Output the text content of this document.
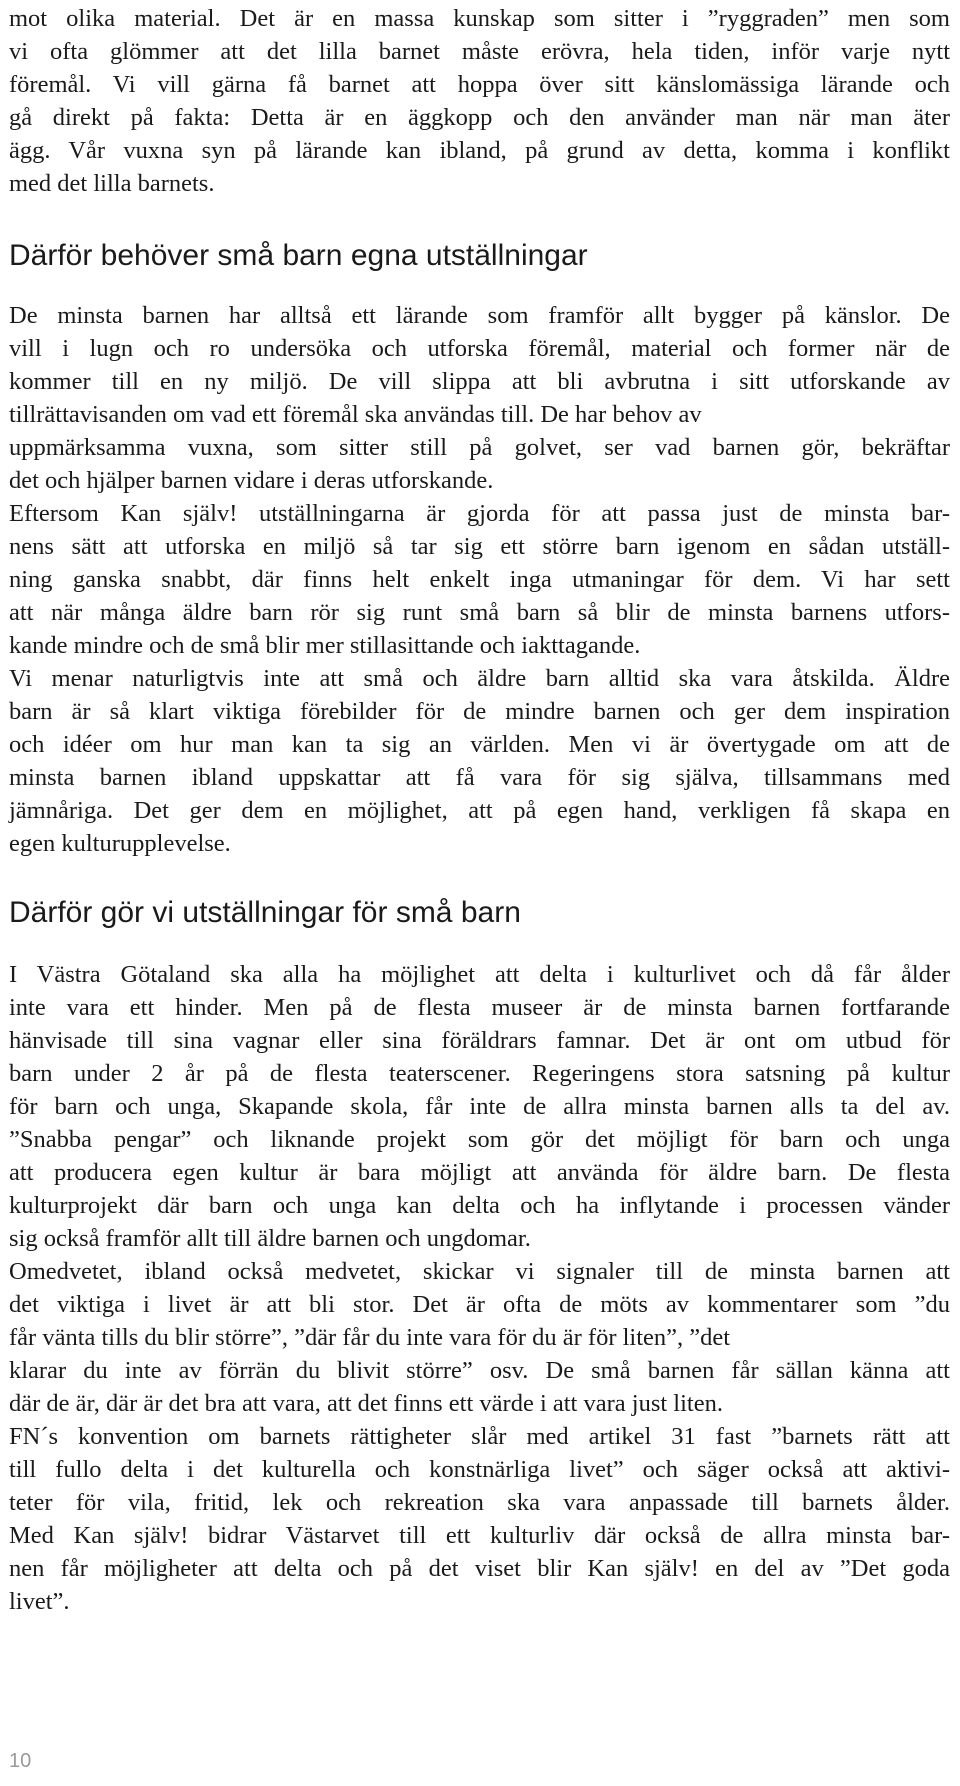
mot olika material. Det är en massa kunskap som sitter i ”ryggraden” men som
vi ofta glömmer att det lilla barnet måste erövra, hela tiden, inför varje nytt
föremål. Vi vill gärna få barnet att hoppa över sitt känslomässiga lärande och
gå direkt på fakta: Detta är en äggkopp och den använder man när man äter
ägg. Vår vuxna syn på lärande kan ibland, på grund av detta, komma i konflikt
med det lilla barnets.
Därför behöver små barn egna utställningar
De minsta barnen har alltså ett lärande som framför allt bygger på känslor. De
vill i lugn och ro undersöka och utforska föremål, material och former när de
kommer till en ny miljö. De vill slippa att bli avbrutna i sitt utforskande av
tillrättavisanden om vad ett föremål ska användas till. De har behov av
uppmärksamma vuxna, som sitter still på golvet, ser vad barnen gör, bekräftar
det och hjälper barnen vidare i deras utforskande.
Eftersom Kan själv! utställningarna är gjorda för att passa just de minsta bar-
nens sätt att utforska en miljö så tar sig ett större barn igenom en sådan utställ-
ning ganska snabbt, där finns helt enkelt inga utmaningar för dem. Vi har sett
att när många äldre barn rör sig runt små barn så blir de minsta barnens utfors-
kande mindre och de små blir mer stillasittande och iakttagande.
Vi menar naturligtvis inte att små och äldre barn alltid ska vara åtskilda. Äldre
barn är så klart viktiga förebilder för de mindre barnen och ger dem inspiration
och idéer om hur man kan ta sig an världen. Men vi är övertygade om att de
minsta barnen ibland uppskattar att få vara för sig själva, tillsammans med
jämnåriga. Det ger dem en möjlighet, att på egen hand, verkligen få skapa en
egen kulturupplevelse.
Därför gör vi utställningar för små barn
I Västra Götaland ska alla ha möjlighet att delta i kulturlivet och då får ålder
inte vara ett hinder. Men på de flesta museer är de minsta barnen fortfarande
hänvisade till sina vagnar eller sina föräldrars famnar. Det är ont om utbud för
barn under 2 år på de flesta teaterscener. Regeringens stora satsning på kultur
för barn och unga, Skapande skola, får inte de allra minsta barnen alls ta del av.
”Snabba pengar” och liknande projekt som gör det möjligt för barn och unga
att producera egen kultur är bara möjligt att använda för äldre barn. De flesta
kulturprojekt där barn och unga kan delta och ha inflytande i processen vänder
sig också framför allt till äldre barnen och ungdomar.
Omedvetet, ibland också medvetet, skickar vi signaler till de minsta barnen att
det viktiga i livet är att bli stor. Det är ofta de möts av kommentarer som ”du
får vänta tills du blir större”, ”där får du inte vara för du är för liten”, ”det
klarar du inte av förrän du blivit större” osv. De små barnen får sällan känna att
där de är, där är det bra att vara, att det finns ett värde i att vara just liten.
FN´s konvention om barnets rättigheter slår med artikel 31 fast ”barnets rätt att
till fullo delta i det kulturella och konstnärliga livet” och säger också att aktivi-
teter för vila, fritid, lek och rekreation ska vara anpassade till barnets ålder.
Med Kan själv! bidrar Västarvet till ett kulturliv där också de allra minsta bar-
nen får möjligheter att delta och på det viset blir Kan själv! en del av ”Det goda
livet”.
10
